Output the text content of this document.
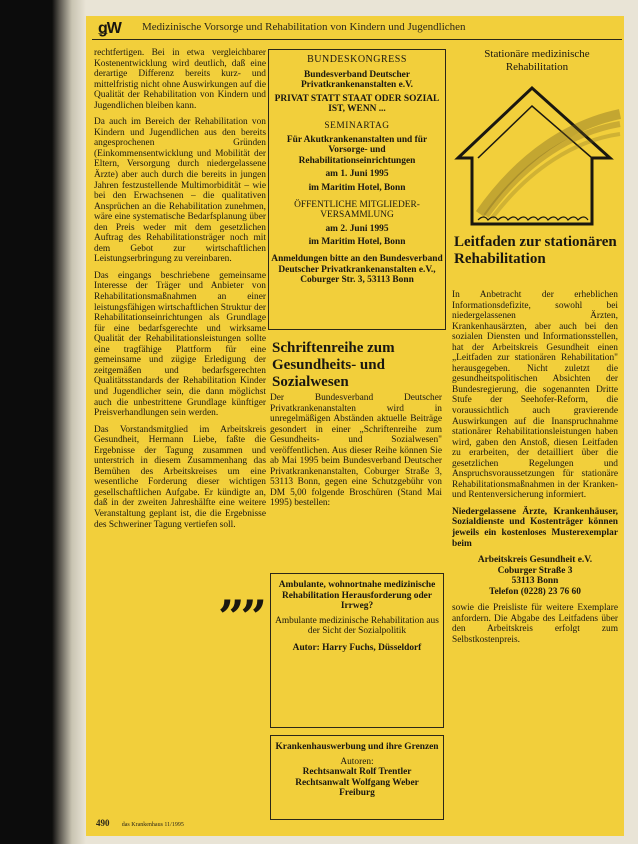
ǥW Medizinische Vorsorge und Rehabilitation von Kindern und Jugendlichen

rechtfertigen. Bei in etwa vergleichbarer Kostenentwicklung wird deutlich, daß eine derartige Differenz bereits kurz- und mittelfristig nicht ohne Auswirkungen auf die Qualität der Rehabilitation von Kindern und Jugendlichen bleiben kann.

Da auch im Bereich der Rehabilitation von Kindern und Jugendlichen aus den bereits angesprochenen Gründen (Einkommensentwicklung und Mobilität der Eltern, Versorgung durch niedergelassene Ärzte) aber auch durch die bereits in jungen Jahren festzustellende Multimorbidität – wie bei den Erwachsenen – die qualitativen Ansprüchen an die Rehabilitation zunehmen, wäre eine systematische Bedarfsplanung über den Preis weder mit dem gesetzlichen Auftrag des Rehabilitationsträger noch mit dem Gebot zur wirtschaftlichen Leistungserbringung zu vereinbaren.

Das eingangs beschriebene gemeinsame Interesse der Träger und Anbieter von Rehabilitationsmaßnahmen an einer leistungsfähigen wirtschaftlichen Struktur der Rehabilitationseinrichtungen als Grundlage für eine bedarfsgerechte und wirksame Qualität der Rehabilitationsleistungen sollte eine tragfähige Plattform für eine gemeinsame und zügige Erledigung der zeitgemäßen und bedarfsgerechten Qualitätsstandards der Rehabilitation Kinder und Jugendlicher sein, die dann möglichst auch die unbestrittene Grundlage künftiger Preisverhandlungen sein werden.

Das Vorstandsmitglied im Arbeitskreis Gesundheit, Hermann Liebe, faßte die Ergebnisse der Tagung zusammen und unterstrich in diesem Zusammenhang das Bemühen des Arbeitskreises um eine wesentliche Forderung dieser wichtigen gesellschaftlichen Aufgabe. Er kündigte an, daß in der zweiten Jahreshälfte eine weitere Veranstaltung geplant ist, die die Ergebnisse des Schweriner Tagung vertiefen soll.

””
BUNDESKONGRESS
Bundesverband Deutscher Privatkrankenanstalten e.V.
PRIVAT STATT STAAT ODER SOZIAL IST, WENN ...
SEMINARTAG
Für Akutkrankenanstalten und für Vorsorge- und Rehabilitationseinrichtungen
am 1. Juni 1995
im Maritim Hotel, Bonn
ÖFFENTLICHE MITGLIEDER-VERSAMMLUNG
am 2. Juni 1995
im Maritim Hotel, Bonn
Anmeldungen bitte an den Bundesverband Deutscher Privatkrankenanstalten e.V., Coburger Str. 3, 53113 Bonn
Schriftenreihe zum Gesundheits- und Sozialwesen

Der Bundesverband Deutscher Privatkrankenanstalten wird in unregelmäßigen Abständen aktuelle Beiträge gesondert in einer „Schriftenreihe zum Gesundheits- und Sozialwesen" veröffentlichen. Aus dieser Reihe können Sie ab Mai 1995 beim Bundesverband Deutscher Privatkrankenanstalten, Coburger Straße 3, 53113 Bonn, gegen eine Schutzgebühr von DM 5,00 folgende Broschüren (Stand Mai 1995) bestellen:

Ambulante, wohnortnahe medizinische Rehabilitation Herausforderung oder Irrweg?
Ambulante medizinische Rehabilitation aus der Sicht der Sozialpolitik
Autor: Harry Fuchs, Düsseldorf
Krankenhauswerbung und ihre Grenzen
Autoren:
Rechtsanwalt Rolf Trentler
Rechtsanwalt Wolfgang Weber
Freiburg
Stationäre medizinische Rehabilitation
Leitfaden zur stationären Rehabilitation

In Anbetracht der erheblichen Informationsdefizite, sowohl bei niedergelassenen Ärzten, Krankenhausärzten, aber auch bei den sozialen Diensten und Informationsstellen, hat der Arbeitskreis Gesundheit einen „Leitfaden zur stationären Rehabilitation" herausgegeben. Nicht zuletzt die gesundheitspolitischen Absichten der Bundesregierung, die sogenannten Dritte Stufe der Seehofer-Reform, die voraussichtlich auch gravierende Auswirkungen auf die Inanspruchnahme stationärer Rehabilitationsleistungen haben wird, gaben den Anstoß, diesen Leitfaden zu erarbeiten, der detailliert über die gesetzlichen Regelungen und Anspruchsvoraussetzungen für stationäre Rehabilitationsmaßnahmen in der Kranken- und Rentenversicherung informiert.

Niedergelassene Ärzte, Krankenhäuser, Sozialdienste und Kostenträger können jeweils ein kostenloses Musterexemplar beim

Arbeitskreis Gesundheit e.V.
Coburger Straße 3
53113 Bonn
Telefon (0228) 23 76 60

sowie die Preisliste für weitere Exemplare anfordern. Die Abgabe des Leitfadens über den Arbeitskreis erfolgt zum Selbstkostenpreis.

490 das Krankenhaus 11/1995
